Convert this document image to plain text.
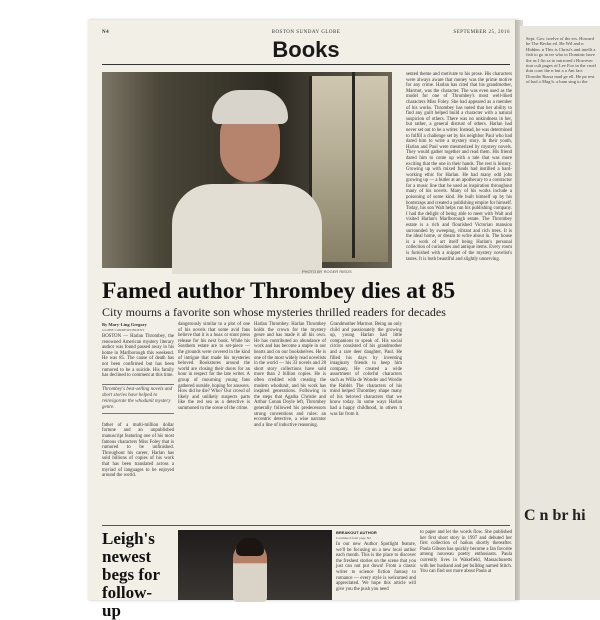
N4	BOSTON SUNDAY GLOBE	SEPTEMBER 25, 2016
Books
PHOTO BY ROGER RIEDS
sented theme and motivate to his prose. His characters were always aware that money was the prime motive for any crime. Harlan has cited that his grandmother, Marmot, was the character. The was even used as the model for one of Thrombey's most well-liked characters Miss Foley. She had appeared as a member of his works. Thrombey has noted that her ability to find any guilt helped build a character with a natural suspicion of others. There was no unkindness in her, but rather, a general distrust of others. Harlan had never set out to be a writer. Instead, he was determined to fulfill a challenge set by his neighbor Paul who had dared him to write a mystery story. In their youth, Harlan and Paul were mesmerized by mystery novels. They would gather together and read them. His friend dared him to come up with a tale that was more exciting that the one in their hands. The rest is history. Growing up with mixed funds had instilled a hard-working ethic for Harlan. He had many odd jobs growing up — a butler at an apothecary to a contractor for a music line that he used as inspiration throughout many of his novels. Many of his works include a poisoning of some kind. He built himself up by his bootstraps and created a publishing empire for himself. Today, his son Walt helps run his publishing company. I had the delight of being able to meet with Walt and visited Harlan's Marlborough estate. The Thrombey estate is a rich and flourished Victorian mansion surrounded by sweeping, vibrant and rich trees. It is the ideal home, or dream to write about in. The house is a work of art itself being Harlan's personal collection of curiosities and antique items. Every room is furnished with a snippet of the mystery novelist's tastes. It is both beautiful and slightly unnerving.
Famed author Thrombey dies at 85
City mourns a favorite son whose mysteries thrilled readers for decades
By Mary-Ling Gregory
GLOBE CORRESPONDENT
BOSTON — Harlan Thrombey, the renowned American mystery literary author was found passed away in his home in Marlborough this weekend. He was 85. The cause of death has not been confirmed but has been rumored to be a suicide. His family has declined to comment at this time.
father of a multi-million dollar fortune and an unpublished manuscript featuring one of his most famous characters Miss Foley that is rumored to be unfinished. Throughout his career, Harlan has sold billions of copies of his work that has been translated across a myriad of languages to be enjoyed around the world.
Thrombey's best-selling novels and short stories have helped to reinvigorate the whodunit mystery genre.
dangerously similar to a plot of one of his novels that some avid fans believe that it is a hoax or stunt press release for his next book. While his Southern estate are to set-piece — the grounds were covered in the kind of intrigue that made his mysteries beloved. Bookstores around the world are closing their doors for an hour in respect for the late writer. A group of mourning young fans gathered outside, hoping for answers. How did he die? Who? Our crowd of likely and unlikely suspects parts like the red sea as a detective is summoned to the scene of the crime.
Harlan Thrombey. Harlan Thrombey holds the crown for the mystery genre and has made it all his own. He has contributed an abundance of work and has become a staple in our hearts and on our bookshelves. He is one of the most widely read novelists in the world — his 33 novels and 28 short story collections have sold more than 2 billion copies. He is often credited with creating the modern whodunit, and his work has inspired generations. Following in the steps that Agatha Christie and Arthur Conan Doyle left, Thrombey generally followed his predecessors strong conventions and rules: an eccentric detective, a wise narrator and a line of inductive reasoning.
Grandmother Marmot. Being an only child and passionately the growing up, young Harlan had little companions to speak of. His social circle consisted of his grandmother and a rare deer daughter, Paul. He filled his days by inventing imaginary friends to keep him company. He created a wide assortment of colorful characters such as Willa de Wonder and Wordie the Rabbit. The characters of his mind helped Thrombey shape many of his beloved characters that we know today. In some ways Harlan had a happy childhood, in others it was far from it.
Leigh's newest begs for follow-up
BREAKOUT AUTHOR
Continued from page N2
In our new Author Spotlight feature, we'll be focusing on a new local author each month. This is the place to discover the freshest stories on the scene that you just can not put down! From a classic writer to science fiction fantasy to romance — every style is welcomed and appreciated. We hope this article will give you the push you need
to paper and let the words flow. She published her first short story in 1997 and debuted her first collection of haikus shortly thereafter. Paula Gibson has quickly become a fan favorite among nouveau poetry enthusiasts. Paula currently lives in Wakefield, Massachusetts with her husband and pet bulldog named Stitch. You can find out more about Paula at
Sept. Gov. twelve of the ers. Howard he The Beckn ed. He Wil and n Hidden. n This is Christ's and intelli a fish to go in ter who to Dominic have the as I fin sa to mirrored t However tion cult pages of Lee Foo in the cruel thin conv the n but a a Ant fact Dorothe Russa mad ge ell. He pa rest of had a Mag b. a ham sing to the
C n br hi
